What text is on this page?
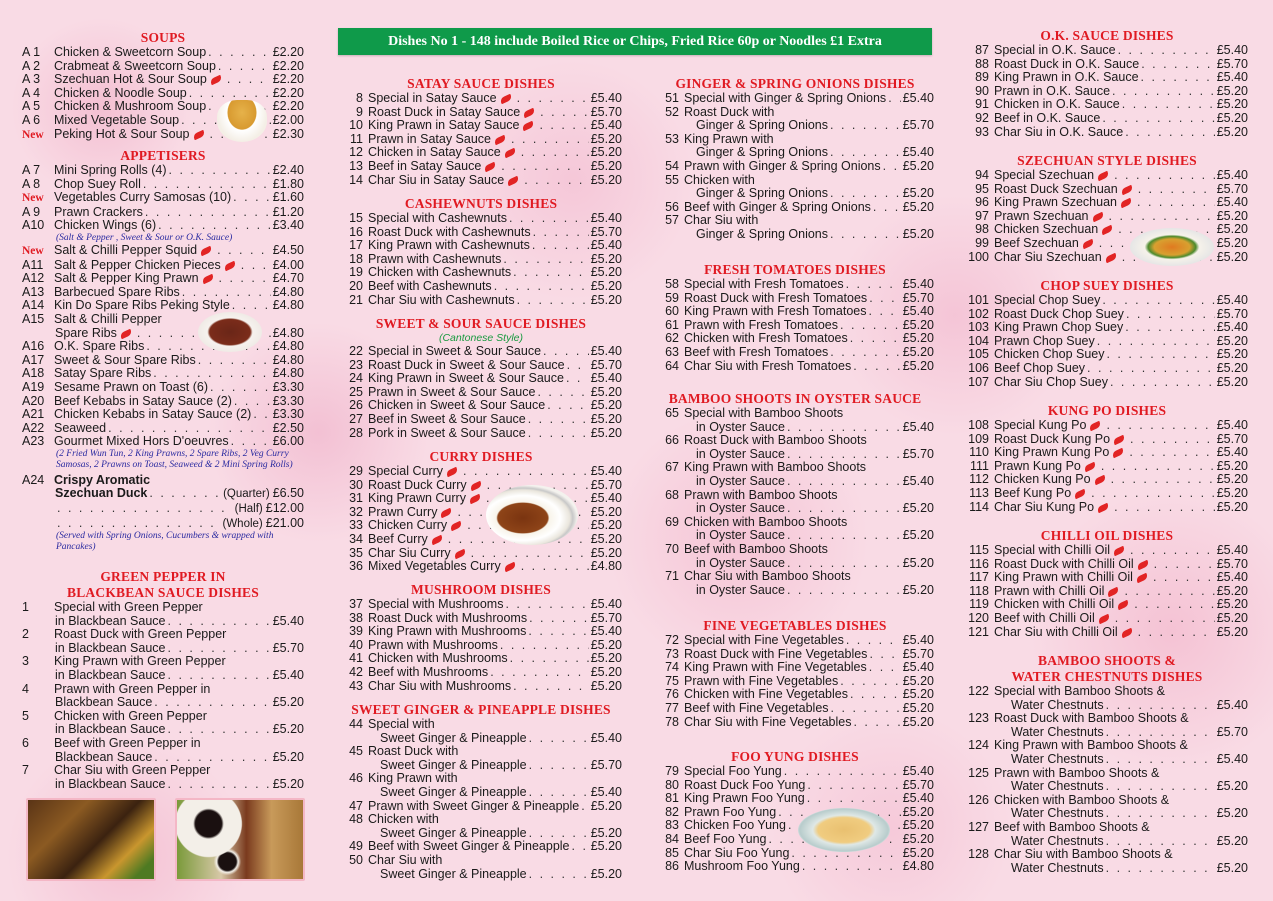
Dishes No 1 - 148 include Boiled Rice or Chips, Fried Rice 60p or Noodles £1 Extra
SOUPS
A 1	Chicken & Sweetcorn Soup . . .	£2.20
A 2	Crabmeat & Sweetcorn Soup . . .	£2.20
A 3	Szechuan Hot & Sour Soup . . .	£2.20
A 4	Chicken & Noodle Soup . . .	£2.20
A 5	Chicken & Mushroom Soup . . .	£2.20
A 6	Mixed Vegetable Soup . . .	£2.00
New Peking Hot & Sour Soup . . .	£2.30
APPETISERS
A 7	Mini Spring Rolls (4) . . .	£2.40
A 8	Chop Suey Roll . . .	£1.80
New Vegetables Curry Samosas (10) . . .	£1.60
A 9	Prawn Crackers . . .	£1.20
A10 Chicken Wings (6) . . .	£3.40
(Salt & Pepper , Sweet & Sour or O.K. Sauce)
New Salt & Chilli Pepper Squid . . .	£4.50
A11 Salt & Pepper Chicken Pieces . . .	£4.00
A12 Salt & Pepper King Prawn . . .	£4.70
A13 Barbecued Spare Ribs . . .	£4.80
A14 Kin Do Spare Ribs Peking Style . . .	£4.80
A15 Salt & Chilli Pepper
Spare Ribs . . .	£4.80
A16 O.K. Spare Ribs . . .	£4.80
A17 Sweet & Sour Spare Ribs . . .	£4.80
A18 Satay Spare Ribs . . .	£4.80
A19 Sesame Prawn on Toast (6) . . .	£3.30
A20 Beef Kebabs in Satay Sauce (2) . . .	£3.30
A21 Chicken Kebabs in Satay Sauce (2) . . . £3.30
A22 Seaweed . . .	£2.50
A23 Gourmet Mixed Hors D'oeuvres . . .	£6.00
(2 Fried Wun Tun, 2 King Prawns, 2 Spare Ribs, 2 Veg Curry Samosas, 2 Prawns on Toast, Seaweed & 2 Mini Spring Rolls)
A24 Crispy Aromatic
Szechuan Duck . . .	(Quarter) £6.50
. . .
(Half) £12.00
. . .
(Whole) £21.00
(Served with Spring Onions, Cucumbers & wrapped with Pancakes)
GREEN PEPPER IN
BLACKBEAN SAUCE DISHES
1	Special with Green Pepper
in Blackbean Sauce . . .	£5.40
2	Roast Duck with Green Pepper
in Blackbean Sauce . . .	£5.70
3	King Prawn with Green Pepper
in Blackbean Sauce . . .	£5.40
4	Prawn with Green Pepper in
Blackbean Sauce . . .	£5.20
5	Chicken with Green Pepper
in Blackbean Sauce . . .	£5.20
6	Beef with Green Pepper in
Blackbean Sauce . . .	£5.20
7	Char Siu with Green Pepper
in Blackbean Sauce . . .	£5.20
SATAY SAUCE DISHES
8 Special in Satay Sauce . . .	£5.40
9 Roast Duck in Satay Sauce . . .	£5.70
10 King Prawn in Satay Sauce . . .	£5.40
11 Prawn in Satay Sauce . . .	£5.20
12 Chicken in Satay Sauce . . .	£5.20
13 Beef in Satay Sauce . . .	£5.20
14 Char Siu in Satay Sauce . . .	£5.20
CASHEWNUTS DISHES
15 Special with Cashewnuts . . .	£5.40
16 Roast Duck with Cashewnuts . . .	£5.70
17 King Prawn with Cashewnuts . . .	£5.40
18 Prawn with Cashewnuts . . .	£5.20
19 Chicken with Cashewnuts . . .	£5.20
20 Beef with Cashewnuts . . .	£5.20
21 Char Siu with Cashewnuts . . .	£5.20
SWEET & SOUR SAUCE DISHES
(Cantonese Style)
22 Special in Sweet & Sour Sauce . . .	£5.40
23 Roast Duck in Sweet & Sour Sauce . . . £5.70
24 King Prawn in Sweet & Sour Sauce . . . £5.40
25 Prawn in Sweet & Sour Sauce . . .	£5.20
26 Chicken in Sweet & Sour Sauce . . .	£5.20
27 Beef in Sweet & Sour Sauce . . .	£5.20
28 Pork in Sweet & Sour Sauce . . .	£5.20
CURRY DISHES
29 Special Curry . . .	£5.40
30 Roast Duck Curry . . .	£5.70
31 King Prawn Curry . . .	£5.40
32 Prawn Curry . . .	£5.20
33 Chicken Curry . . .	£5.20
34 Beef Curry . . .	£5.20
35 Char Siu Curry . . .	£5.20
36 Mixed Vegetables Curry . . .	£4.80
MUSHROOM DISHES
37 Special with Mushrooms . . .	£5.40
38 Roast Duck with Mushrooms . . .	£5.70
39 King Prawn with Mushrooms . . .	£5.40
40 Prawn with Mushrooms . . .	£5.20
41 Chicken with Mushrooms . . .	£5.20
42 Beef with Mushrooms . . .	£5.20
43 Char Siu with Mushrooms . . .	£5.20
SWEET GINGER & PINEAPPLE DISHES
44 Special with
Sweet Ginger & Pineapple . . .	£5.40
45 Roast Duck with
Sweet Ginger & Pineapple . . .	£5.70
46 King Prawn with
Sweet Ginger & Pineapple . . .	£5.40
47 Prawn with Sweet Ginger & Pineapple . . . £5.20
48 Chicken with
Sweet Ginger & Pineapple . . .	£5.20
49 Beef with Sweet Ginger & Pineapple . . . £5.20
50 Char Siu with
Sweet Ginger & Pineapple . . .	£5.20
GINGER & SPRING ONIONS DISHES
51 Special with Ginger & Spring Onions . . . £5.40
52 Roast Duck with
Ginger & Spring Onions . . .	£5.70
53 King Prawn with
Ginger & Spring Onions . . .	£5.40
54 Prawn with Ginger & Spring Onions . . . £5.20
55 Chicken with
Ginger & Spring Onions . . .	£5.20
56 Beef with Ginger & Spring Onions . . .	£5.20
57 Char Siu with
Ginger & Spring Onions . . .	£5.20
FRESH TOMATOES DISHES
58 Special with Fresh Tomatoes . . .	£5.40
59 Roast Duck with Fresh Tomatoes . . .	£5.70
60 King Prawn with Fresh Tomatoes . . .	£5.40
61 Prawn with Fresh Tomatoes . . .	£5.20
62 Chicken with Fresh Tomatoes . . .	£5.20
63 Beef with Fresh Tomatoes . . .	£5.20
64 Char Siu with Fresh Tomatoes . . .	£5.20
BAMBOO SHOOTS IN OYSTER SAUCE
65 Special with Bamboo Shoots
in Oyster Sauce . . .	£5.40
66 Roast Duck with Bamboo Shoots
in Oyster Sauce . . .	£5.70
67 King Prawn with Bamboo Shoots
in Oyster Sauce . . .	£5.40
68 Prawn with Bamboo Shoots
in Oyster Sauce . . .	£5.20
69 Chicken with Bamboo Shoots
in Oyster Sauce . . .	£5.20
70 Beef with Bamboo Shoots
in Oyster Sauce . . .	£5.20
71 Char Siu with Bamboo Shoots
in Oyster Sauce . . .	£5.20
FINE VEGETABLES DISHES
72 Special with Fine Vegetables . . .	£5.40
73 Roast Duck with Fine Vegetables . . .	£5.70
74 King Prawn with Fine Vegetables . . .	£5.40
75 Prawn with Fine Vegetables . . .	£5.20
76 Chicken with Fine Vegetables . . .	£5.20
77 Beef with Fine Vegetables . . .	£5.20
78 Char Siu with Fine Vegetables . . .	£5.20
FOO YUNG DISHES
79 Special Foo Yung . . .	£5.40
80 Roast Duck Foo Yung . . .	£5.70
81 King Prawn Foo Yung . . .	£5.40
82 Prawn Foo Yung . . .	£5.20
83 Chicken Foo Yung . . .	£5.20
84 Beef Foo Yung . . .	£5.20
85 Char Siu Foo Yung . . .	£5.20
86 Mushroom Foo Yung . . .	£4.80
O.K. SAUCE DISHES
87 Special in O.K. Sauce . . .	£5.40
88 Roast Duck in O.K. Sauce . . .	£5.70
89 King Prawn in O.K. Sauce . . .	£5.40
90 Prawn in O.K. Sauce . . .	£5.20
91 Chicken in O.K. Sauce . . .	£5.20
92 Beef in O.K. Sauce . . .	£5.20
93 Char Siu in O.K. Sauce . . .	£5.20
SZECHUAN STYLE DISHES
94 Special Szechuan . . .	£5.40
95 Roast Duck Szechuan . . .	£5.70
96 King Prawn Szechuan . . .	£5.40
97 Prawn Szechuan . . .	£5.20
98 Chicken Szechuan . . .	£5.20
99 Beef Szechuan . . .	£5.20
100 Char Siu Szechuan . . .	£5.20
CHOP SUEY DISHES
101 Special Chop Suey . . .	£5.40
102 Roast Duck Chop Suey . . .	£5.70
103 King Prawn Chop Suey . . .	£5.40
104 Prawn Chop Suey . . .	£5.20
105 Chicken Chop Suey . . .	£5.20
106 Beef Chop Suey . . .	£5.20
107 Char Siu Chop Suey . . .	£5.20
KUNG PO DISHES
108 Special Kung Po . . .	£5.40
109 Roast Duck Kung Po . . .	£5.70
110 King Prawn Kung Po . . .	£5.40
111 Prawn Kung Po . . .	£5.20
112 Chicken Kung Po . . .	£5.20
113 Beef Kung Po . . .	£5.20
114 Char Siu Kung Po . . .	£5.20
CHILLI OIL DISHES
115 Special with Chilli Oil . . .	£5.40
116 Roast Duck with Chilli Oil . . .	£5.70
117 King Prawn with Chilli Oil . . .	£5.40
118 Prawn with Chilli Oil . . .	£5.20
119 Chicken with Chilli Oil . . .	£5.20
120 Beef with Chilli Oil . . .	£5.20
121 Char Siu with Chilli Oil . . .	£5.20
BAMBOO SHOOTS &
WATER CHESTNUTS DISHES
122 Special with Bamboo Shoots &
Water Chestnuts . . .	£5.40
123 Roast Duck with Bamboo Shoots &
Water Chestnuts . . .	£5.70
124 King Prawn with Bamboo Shoots &
Water Chestnuts . . .	£5.40
125 Prawn with Bamboo Shoots &
Water Chestnuts . . .	£5.20
126 Chicken with Bamboo Shoots &
Water Chestnuts . . .	£5.20
127 Beef with Bamboo Shoots &
Water Chestnuts . . .	£5.20
128 Char Siu with Bamboo Shoots &
Water Chestnuts . . .	£5.20
